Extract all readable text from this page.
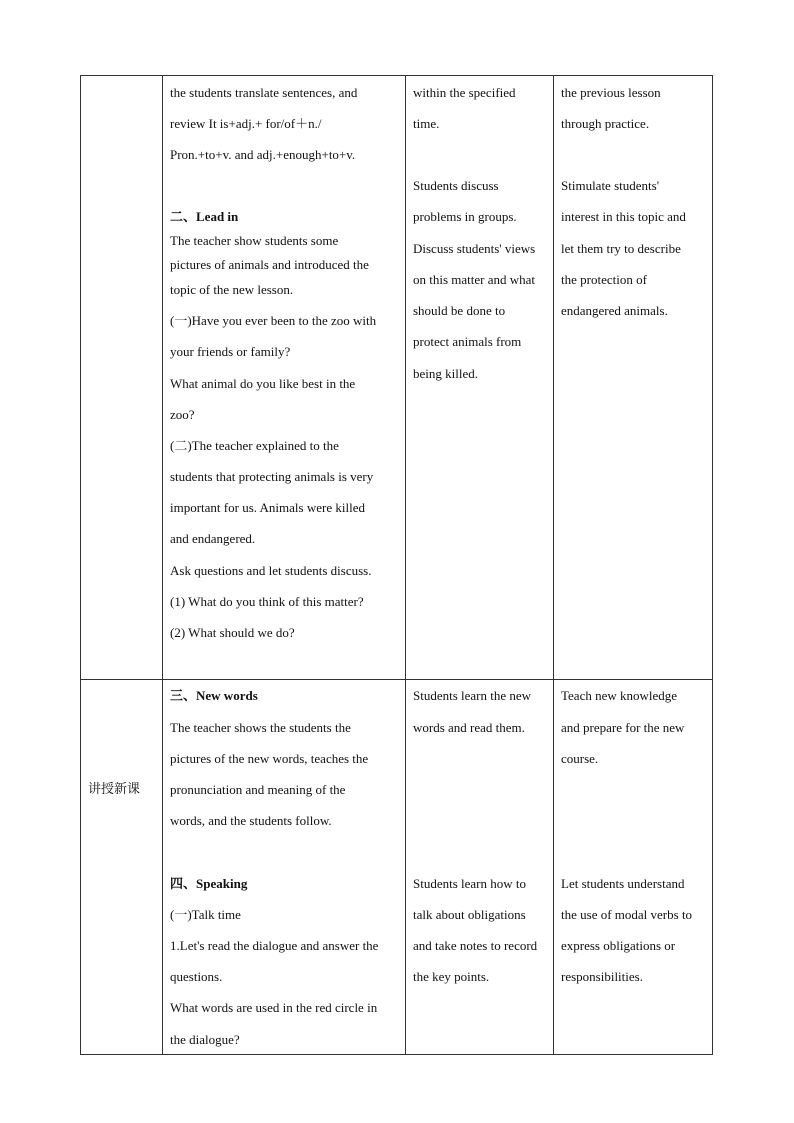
the students translate sentences, and
review It is+adj.+ for/of＋n./
Pron.+to+v. and adj.+enough+to+v.
二、Lead in
The teacher show students some
pictures of animals and introduced the
topic of the new lesson.
(一)Have you ever been to the zoo with
your friends or family?
What animal do you like best in the
zoo?
(二)The teacher explained to the
students that protecting animals is very
important for us. Animals were killed
and endangered.
Ask questions and let students discuss.
(1) What do you think of this matter?
(2) What should we do?
within the specified
time.
Students discuss
problems in groups.
Discuss students' views
on this matter and what
should be done to
protect animals from
being killed.
the previous lesson
through practice.
Stimulate students'
interest in this topic and
let them try to describe
the protection of
endangered animals.
讲授新课
三、New words
The teacher shows the students the
pictures of the new words, teaches the
pronunciation and meaning of the
words, and the students follow.
四、Speaking
(一)Talk time
1.Let's read the dialogue and answer the
questions.
What words are used in the red circle in
the dialogue?
Students learn the new
words and read them.
Students learn how to
talk about obligations
and take notes to record
the key points.
Teach new knowledge
and prepare for the new
course.
Let students understand
the use of modal verbs to
express obligations or
responsibilities.
